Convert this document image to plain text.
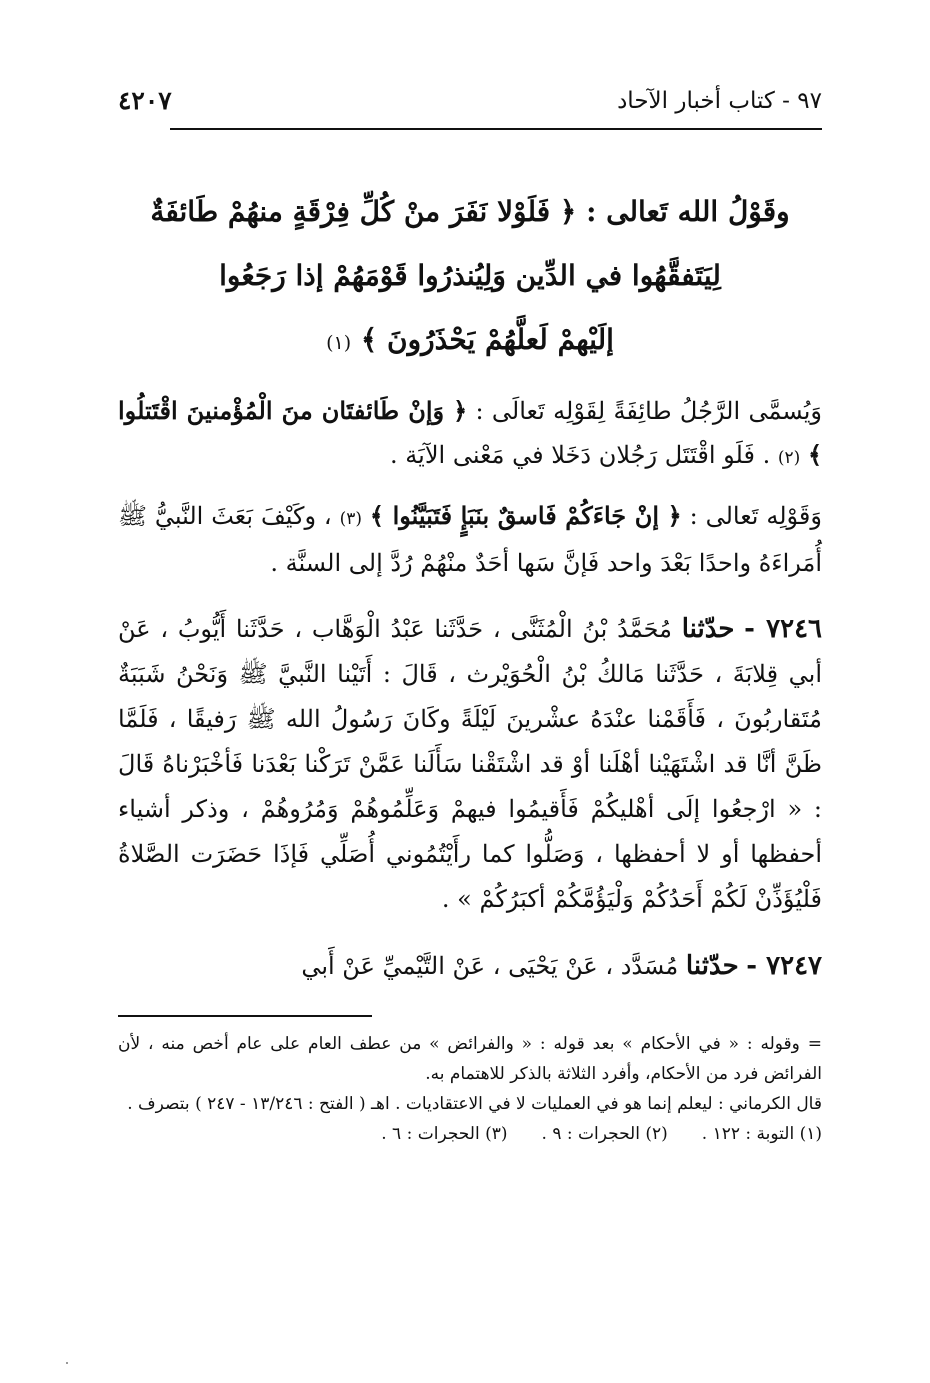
٩٧ - كتاب أخبار الآحاد
٤٢٠٧
وقَوْلُ الله تَعالى : ﴿ فَلَوْلا نَفَرَ منْ كُلِّ فِرْقَةٍ منهُمْ طَائفَةٌ
لِيَتَفقَّهُوا في الدِّين وَلِيُنذرُوا قَوْمَهُمْ إذا رَجَعُوا
إلَيْهمْ لَعلَّهُمْ يَحْذَرُونَ ﴾ (١)
وَيُسمَّى الرَّجُلُ طائِفَةً لِقَوْلِه تَعالَى : ﴿ وَإنْ طَائفتَان منَ الْمُؤْمنينَ اقْتَتلُوا ﴾ (٢) . فَلَو اقْتَتَل رَجُلان دَخَلا في مَعْنى الآيَة .
وَقَوْلِه تَعالى : ﴿ إنْ جَاءَكُمْ فَاسقٌ بنَبَإٍ فَتَبَيَّنُوا ﴾ (٣) ، وكَيْفَ بَعَثَ النَّبيُّ ﷺ أُمَراءَهُ واحدًا بَعْدَ واحد فَإنَّ سَها أحَدٌ منْهُمْ رُدَّ إلى السنَّة .
٧٢٤٦ - حدّثنا مُحَمَّدُ بْنُ الْمُثَنَّى ، حَدَّثَنا عَبْدُ الْوَهَّاب ، حَدَّثَنا أَيُّوبُ ، عَنْ أبي قِلابَةَ ، حَدَّثَنا مَالكُ بْنُ الْحُوَيْرث ، قَالَ : أَتَيْنا النَّبيَّ ﷺ وَنَحْنُ شَبَبَةٌ مُتَقاربُونَ ، فَأَقَمْنا عنْدَهُ عشْرينَ لَيْلَةً وكَانَ رَسُولُ الله ﷺ رَفيقًا ، فَلَمَّا ظَنَّ أنَّا قد اشْتَهَيْنا أهْلَنا أوْ قد اشْتَقْنا سَأَلَنا عَمَّنْ تَرَكْنا بَعْدَنا فَأخْبَرْناهُ قَالَ : « ارْجعُوا إلَى أهْليكُمْ فَأَقيمُوا فيهمْ وَعَلِّمُوهُمْ وَمُرُوهُمْ ، وذكر أشياء أحفظها أو لا أحفظها ، وَصَلُّوا كما رأَيْتُمُوني أُصَلِّي فَإذَا حَضَرَت الصَّلاةُ فَلْيُؤَذِّنْ لَكُمْ أَحَدُكُمْ وَلْيَؤُمَّكُمْ أكبَرُكُمْ » .
٧٢٤٧ - حدّثنا مُسَدَّد ، عَنْ يَحْيَى ، عَنْ التَّيْميِّ عَنْ أَبي

= وقوله : « في الأحكام » بعد قوله : « والفرائض » من عطف العام على عام أخص منه ، لأن الفرائض فرد من الأحكام، وأفرد الثلاثة بالذكر للاهتمام به.

قال الكرماني : ليعلم إنما هو في العمليات لا في الاعتقاديات . اهـ ( الفتح : ١٣/٢٤٦ - ٢٤٧ ) بتصرف .

(١) التوبة : ١٢٢ .
(٢) الحجرات : ٩ .
(٣) الحجرات : ٦ .
